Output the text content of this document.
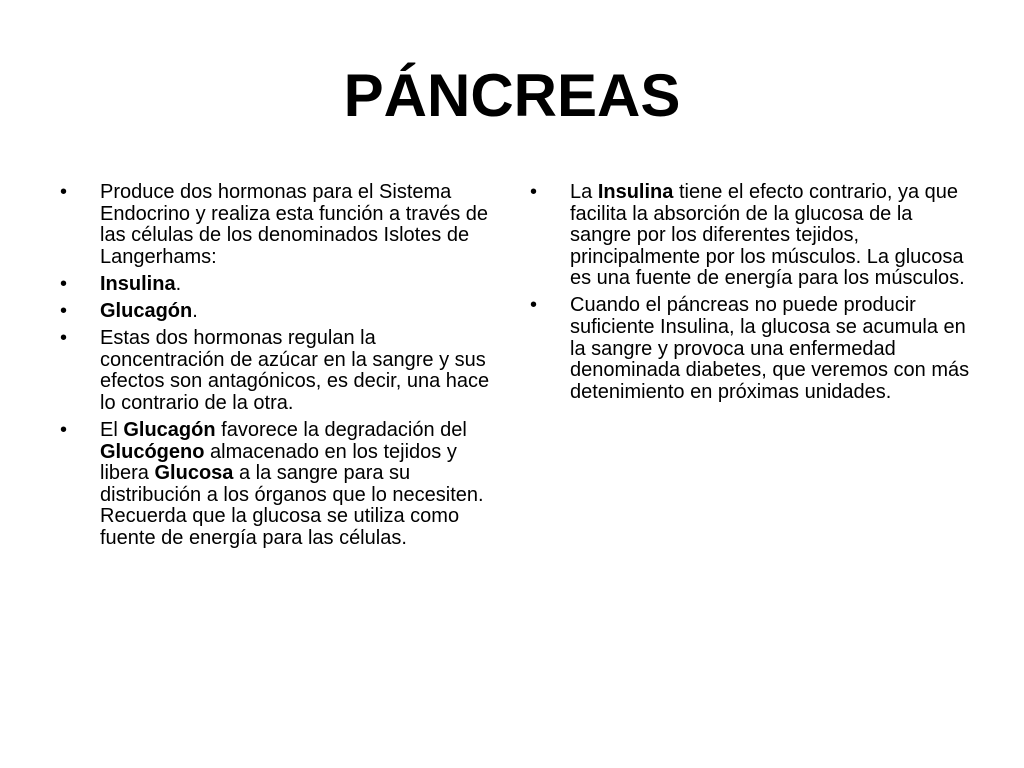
PÁNCREAS
• Produce dos hormonas para el Sistema Endocrino y realiza esta función a través de las células de los denominados Islotes de Langerhams:
• Insulina.
• Glucagón.
• Estas dos hormonas regulan la concentración de azúcar en la sangre y sus efectos son antagónicos, es decir, una hace lo contrario de la otra.
• El Glucagón favorece la degradación del Glucógeno almacenado en los tejidos y libera Glucosa a la sangre para su distribución a los órganos que lo necesiten. Recuerda que la glucosa se utiliza como fuente de energía para las células.
• La Insulina tiene el efecto contrario, ya que facilita la absorción de la glucosa de la sangre por los diferentes tejidos, principalmente por los músculos. La glucosa es una fuente de energía para los músculos.
• Cuando el páncreas no puede producir suficiente Insulina, la glucosa se acumula en la sangre y provoca una enfermedad denominada diabetes, que veremos con más detenimiento en próximas unidades.
